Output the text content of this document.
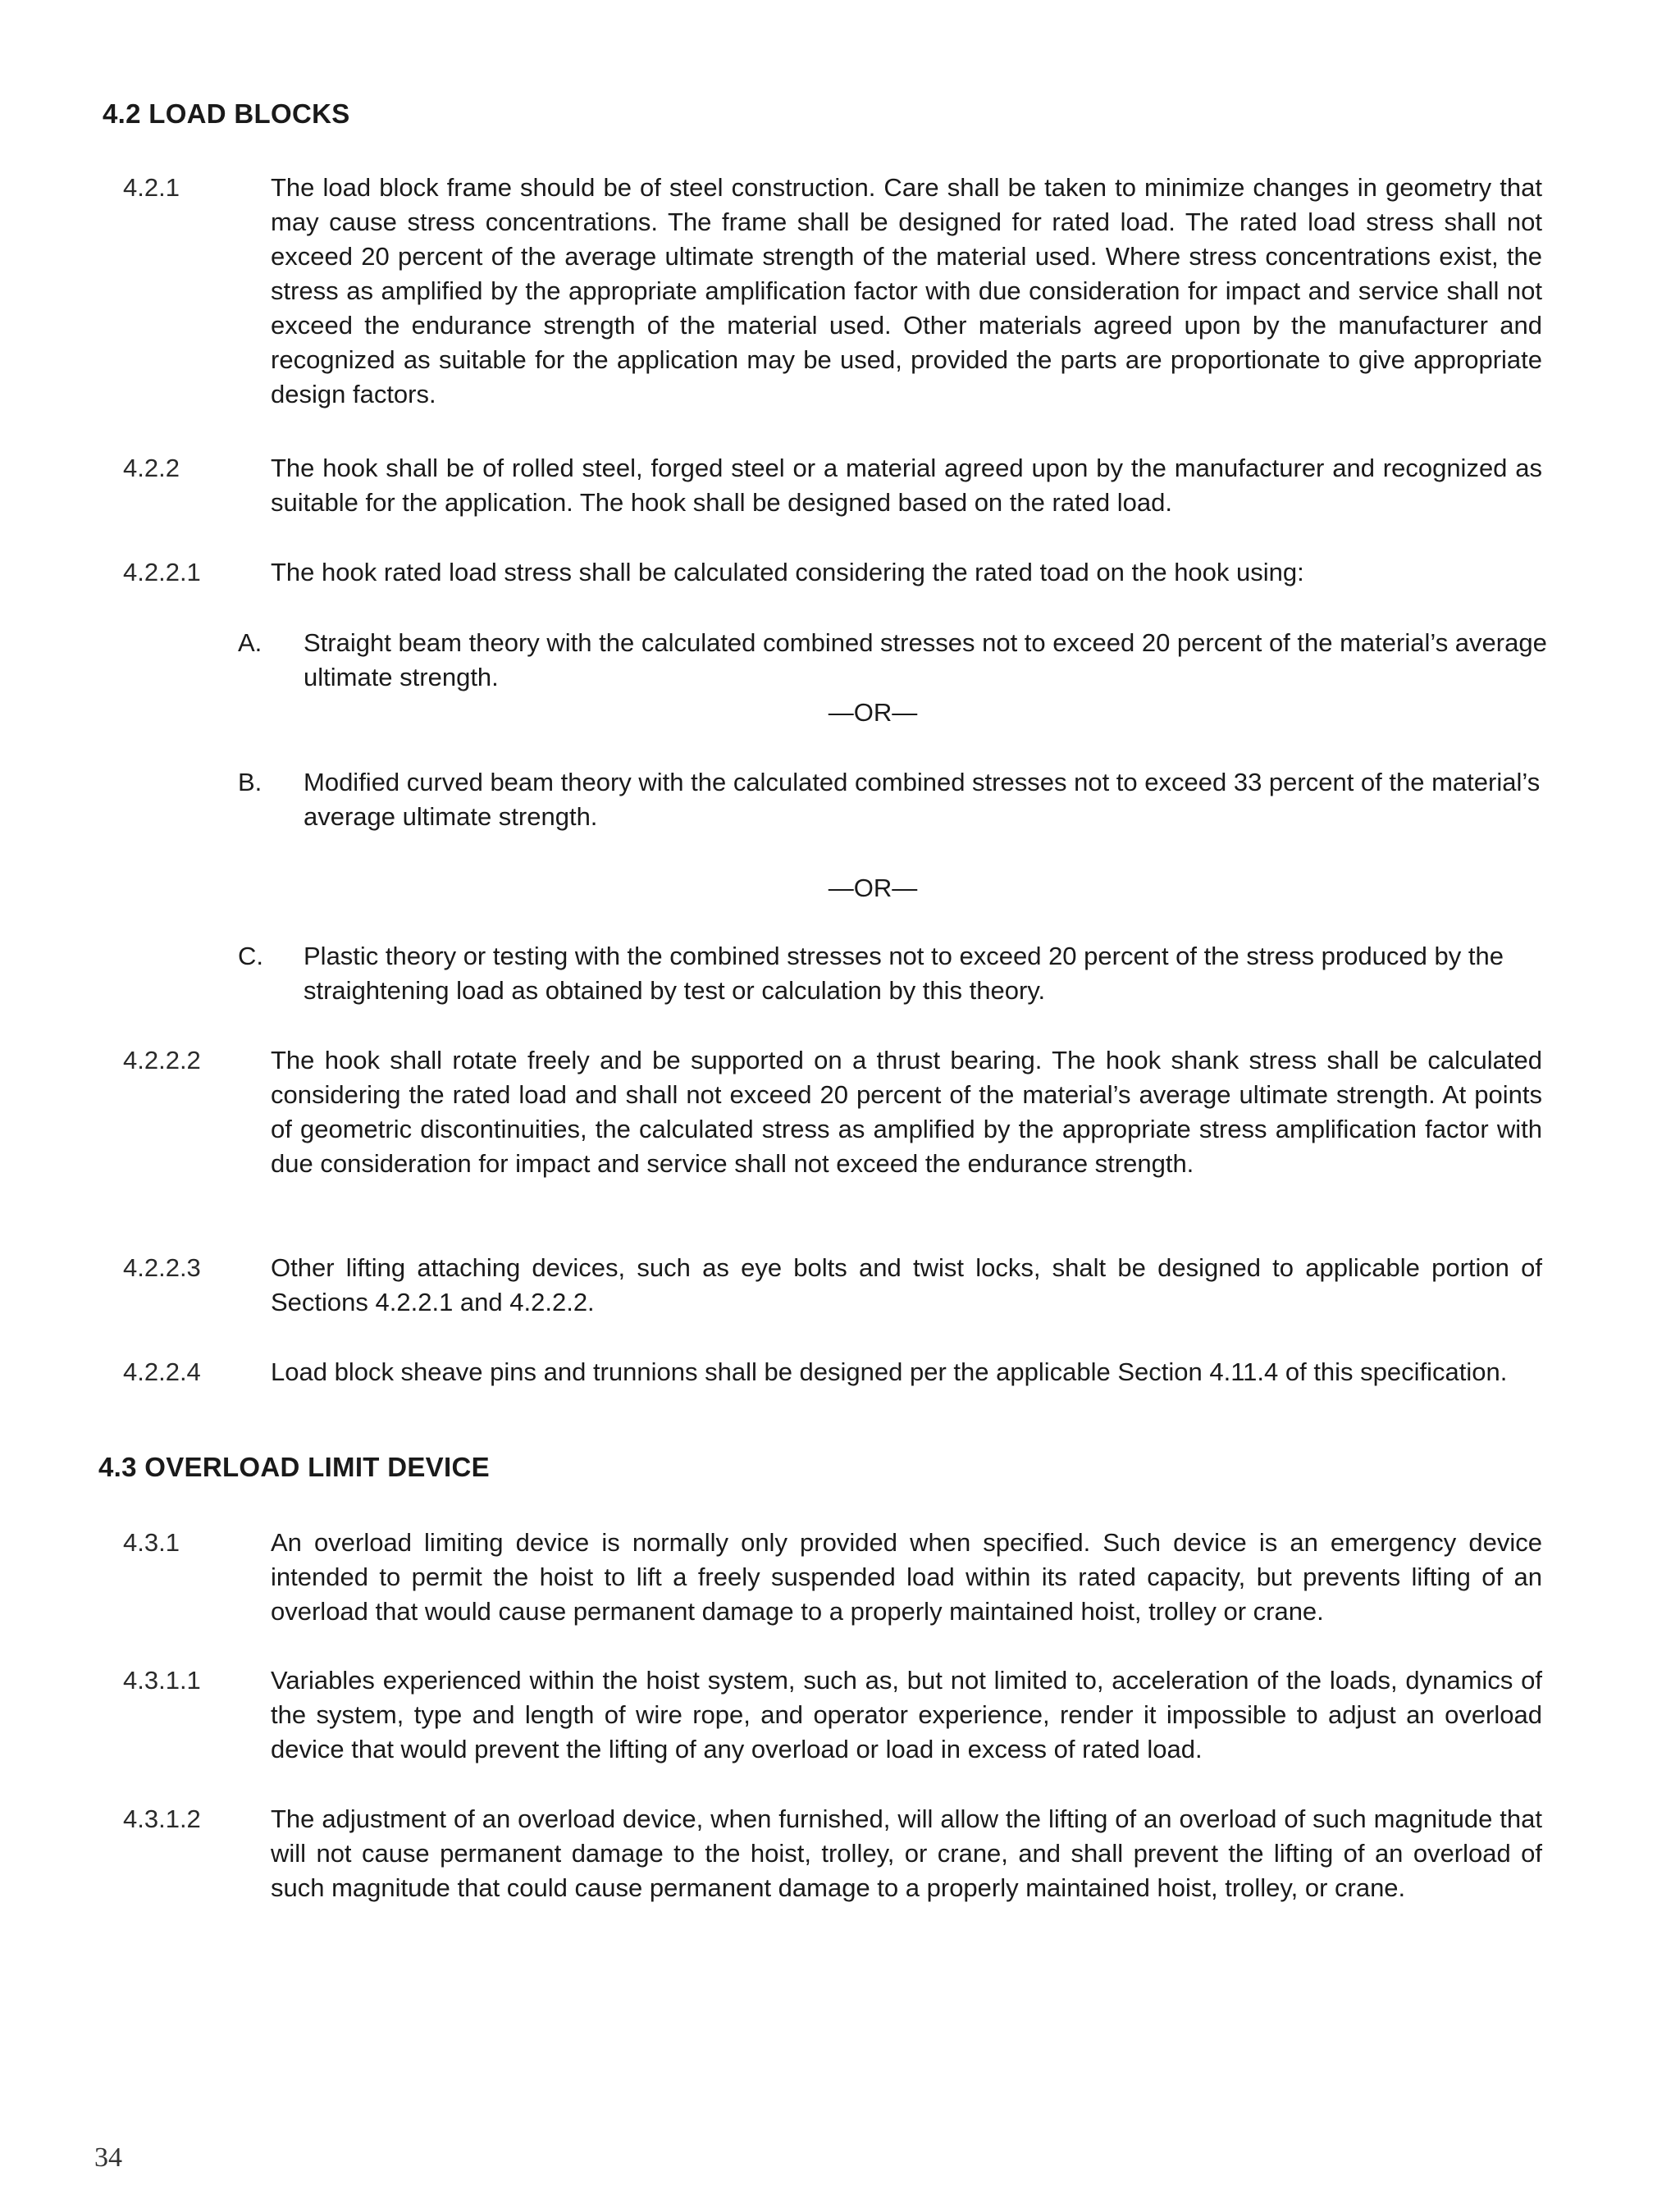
4.2 LOAD BLOCKS
4.2.1	The load block frame should be of steel construction. Care shall be taken to minimize changes in geometry that may cause stress concentrations. The frame shall be designed for rated load. The rated load stress shall not exceed 20 percent of the average ultimate strength of the material used. Where stress concentrations exist, the stress as amplified by the appropriate amplification factor with due consideration for impact and service shall not exceed the endurance strength of the material used. Other materials agreed upon by the manufacturer and recognized as suitable for the application may be used, provided the parts are proportionate to give appropriate design factors.
4.2.2	The hook shall be of rolled steel, forged steel or a material agreed upon by the manufacturer and recognized as suitable for the application. The hook shall be designed based on the rated load.
4.2.2.1	The hook rated load stress shall be calculated considering the rated toad on the hook using:
A. Straight beam theory with the calculated combined stresses not to exceed 20 percent of the material’s average ultimate strength.
—OR—
B. Modified curved beam theory with the calculated combined stresses not to exceed 33 percent of the material’s average ultimate strength.
—OR—
C. Plastic theory or testing with the combined stresses not to exceed 20 percent of the stress produced by the straightening load as obtained by test or calculation by this theory.
4.2.2.2	The hook shall rotate freely and be supported on a thrust bearing. The hook shank stress shall be calculated considering the rated load and shall not exceed 20 percent of the material’s average ultimate strength. At points of geometric discontinuities, the calculated stress as amplified by the appropriate stress amplification factor with due consideration for impact and service shall not exceed the endurance strength.
4.2.2.3	Other lifting attaching devices, such as eye bolts and twist locks, shalt be designed to applicable portion of Sections 4.2.2.1 and 4.2.2.2.
4.2.2.4	Load block sheave pins and trunnions shall be designed per the applicable Section 4.11.4 of this specification.
4.3 OVERLOAD LIMIT DEVICE
4.3.1	An overload limiting device is normally only provided when specified. Such device is an emergency device intended to permit the hoist to lift a freely suspended load within its rated capacity, but prevents lifting of an overload that would cause permanent damage to a properly maintained hoist, trolley or crane.
4.3.1.1	Variables experienced within the hoist system, such as, but not limited to, acceleration of the loads, dynamics of the system, type and length of wire rope, and operator experience, render it impossible to adjust an overload device that would prevent the lifting of any overload or load in excess of rated load.
4.3.1.2	The adjustment of an overload device, when furnished, will allow the lifting of an overload of such magnitude that will not cause permanent damage to the hoist, trolley, or crane, and shall prevent the lifting of an overload of such magnitude that could cause permanent damage to a properly maintained hoist, trolley, or crane.
34
